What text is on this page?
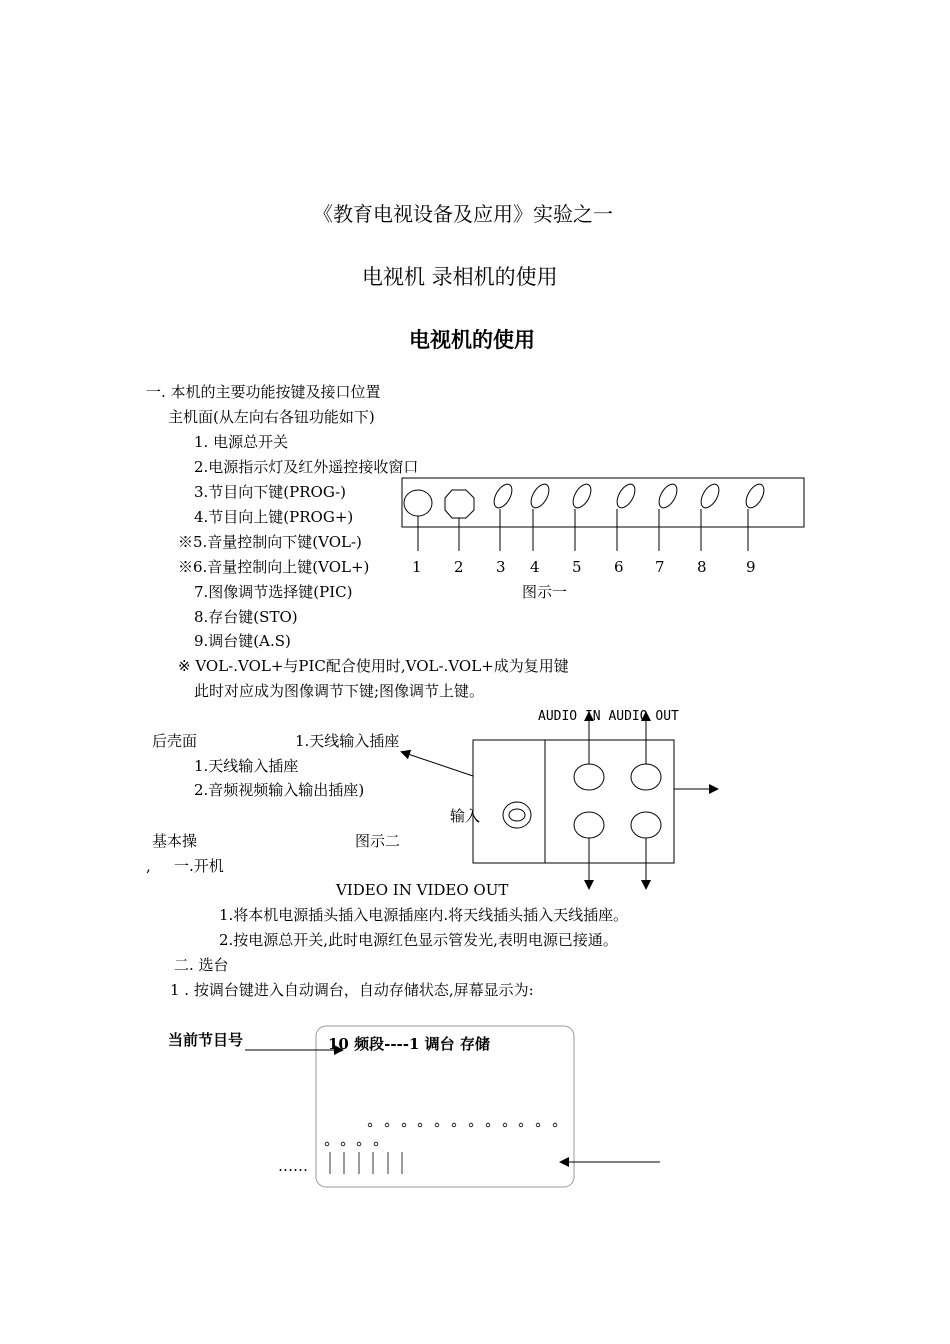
《教育电视设备及应用》实验之一
电视机 录相机的使用
电视机的使用
一. 本机的主要功能按键及接口位置
主机面(从左向右各钮功能如下)
1. 电源总开关
2.电源指示灯及红外遥控接收窗口
3.节目向下键(PROG-)
4.节目向上键(PROG+)
※5.音量控制向下键(VOL-)
※6.音量控制向上键(VOL+)
7.图像调节选择键(PIC)
8.存台键(STO)
9.调台键(A.S)
※ VOL-.VOL+与PIC配合使用时,VOL-.VOL+成为复用键
此时对应成为图像调节下键;图像调节上键。
1 2 3 4 5 6 7 8	9
图示一
AUDIO IN AUDIO OUT
VIDEO IN VIDEO OUT
后壳面	1.天线输入插座
1.天线输入插座
2.音频视频输入输出插座)
输入
基本操	图示二
, 一.开机
1.将本机电源插头插入电源插座内.将天线插头插入天线插座。
2.按电源总开关,此时电源红色显示管发光,表明电源已接通。
二. 选台
1 . 按调台键进入自动调台，自动存储状态,屏幕显示为:
当前节目号	10 频段----1 调台 存储
……
